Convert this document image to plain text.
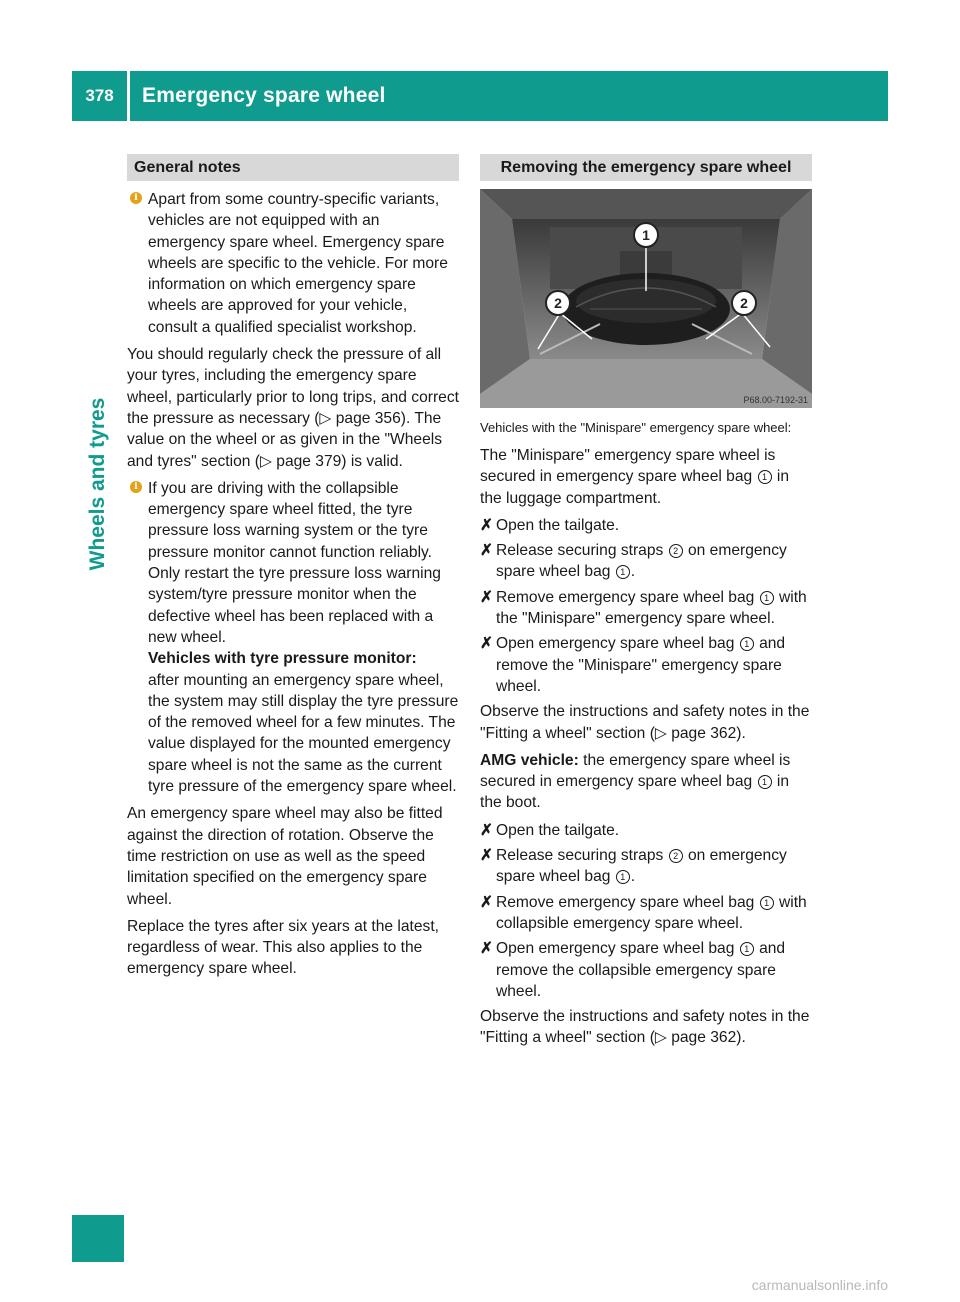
378	Emergency spare wheel
Wheels and tyres
General notes
i Apart from some country-specific variants, vehicles are not equipped with an emergency spare wheel. Emergency spare wheels are specific to the vehicle. For more information on which emergency spare wheels are approved for your vehicle, consult a qualified specialist workshop.

You should regularly check the pressure of all your tyres, including the emergency spare wheel, particularly prior to long trips, and correct the pressure as necessary (▷ page 356). The value on the wheel or as given in the "Wheels and tyres" section (▷ page 379) is valid.

i If you are driving with the collapsible emergency spare wheel fitted, the tyre pressure loss warning system or the tyre pressure monitor cannot function reliably. Only restart the tyre pressure loss warning system/tyre pressure monitor when the defective wheel has been replaced with a new wheel.

Vehicles with tyre pressure monitor:

after mounting an emergency spare wheel, the system may still display the tyre pressure of the removed wheel for a few minutes. The value displayed for the mounted emergency spare wheel is not the same as the current tyre pressure of the emergency spare wheel.

An emergency spare wheel may also be fitted against the direction of rotation. Observe the time restriction on use as well as the speed limitation specified on the emergency spare wheel.

Replace the tyres after six years at the latest, regardless of wear. This also applies to the emergency spare wheel.

Removing the emergency spare wheel
1
2	2
P68.00-7192-31
Vehicles with the "Minispare" emergency spare wheel:

The "Minispare" emergency spare wheel is secured in emergency spare wheel bag 1 in the luggage compartment.

✗ Open the tailgate.
✗ Release securing straps 2 on emergency spare wheel bag 1 .
✗ Remove emergency spare wheel bag 1 with the "Minispare" emergency spare wheel.
✗ Open emergency spare wheel bag 1 and remove the "Minispare" emergency spare wheel.

Observe the instructions and safety notes in the "Fitting a wheel" section (▷ page 362).

AMG vehicle: the emergency spare wheel is secured in emergency spare wheel bag 1 in the boot.

✗ Open the tailgate.
✗ Release securing straps 2 on emergency spare wheel bag 1 .
✗ Remove emergency spare wheel bag 1 with collapsible emergency spare wheel.
✗ Open emergency spare wheel bag 1 and remove the collapsible emergency spare wheel.

Observe the instructions and safety notes in the "Fitting a wheel" section (▷ page 362).

carmanualsonline.info
